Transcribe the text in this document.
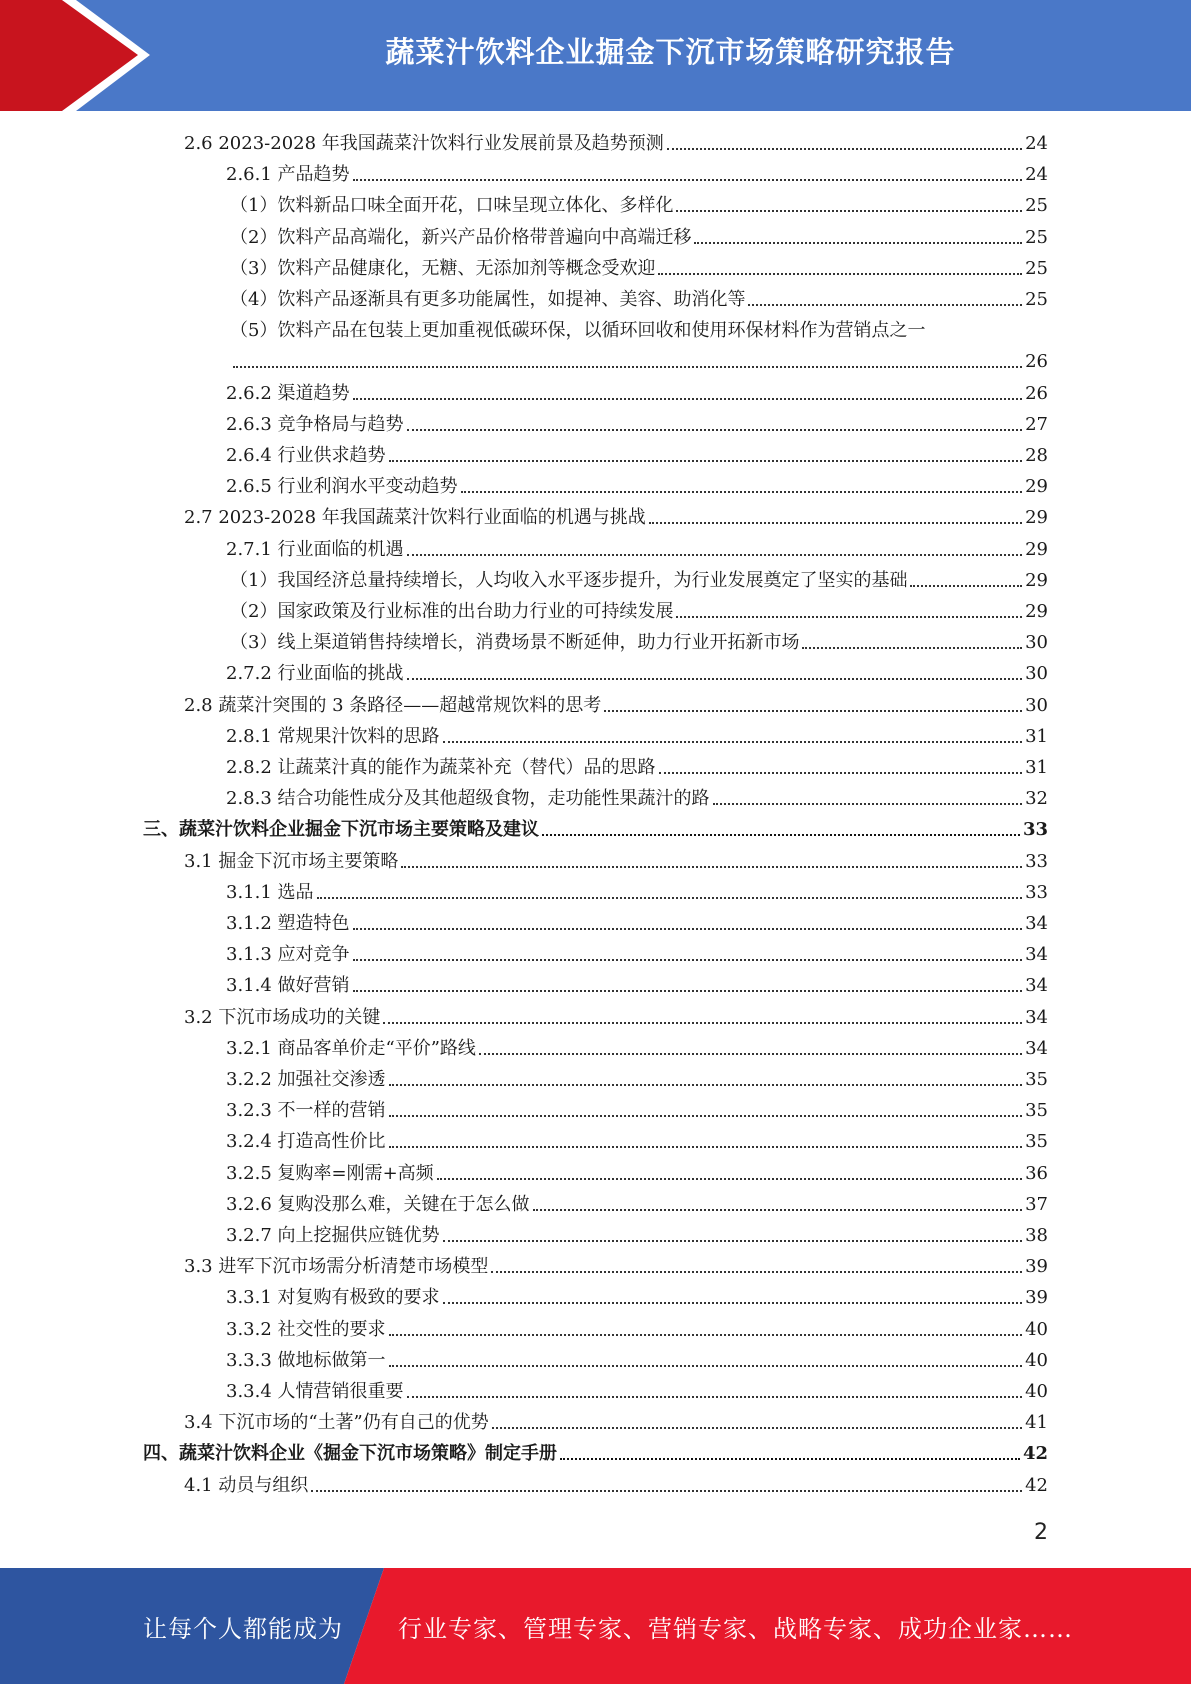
蔬菜汁饮料企业掘金下沉市场策略研究报告
2.6 2023-2028 年我国蔬菜汁饮料行业发展前景及趋势预测	24
2.6.1 产品趋势	24
（1）饮料新品口味全面开花，口味呈现立体化、多样化	25
（2）饮料产品高端化，新兴产品价格带普遍向中高端迁移	25
（3）饮料产品健康化，无糖、无添加剂等概念受欢迎	25
（4）饮料产品逐渐具有更多功能属性，如提神、美容、助消化等	25
（5）饮料产品在包装上更加重视低碳环保，以循环回收和使用环保材料作为营销点之一
26
2.6.2 渠道趋势	26
2.6.3 竞争格局与趋势	27
2.6.4 行业供求趋势	28
2.6.5 行业利润水平变动趋势	29
2.7 2023-2028 年我国蔬菜汁饮料行业面临的机遇与挑战	29
2.7.1 行业面临的机遇	29
（1）我国经济总量持续增长，人均收入水平逐步提升，为行业发展奠定了坚实的基础	29
（2）国家政策及行业标准的出台助力行业的可持续发展	29
（3）线上渠道销售持续增长，消费场景不断延伸，助力行业开拓新市场	30
2.7.2 行业面临的挑战	30
2.8 蔬菜汁突围的 3 条路径——超越常规饮料的思考	30
2.8.1 常规果汁饮料的思路	31
2.8.2 让蔬菜汁真的能作为蔬菜补充（替代）品的思路	31
2.8.3 结合功能性成分及其他超级食物，走功能性果蔬汁的路	32
三、蔬菜汁饮料企业掘金下沉市场主要策略及建议	33
3.1 掘金下沉市场主要策略	33
3.1.1 选品	33
3.1.2 塑造特色	34
3.1.3 应对竞争	34
3.1.4 做好营销	34
3.2 下沉市场成功的关键	34
3.2.1 商品客单价走“平价”路线	34
3.2.2 加强社交渗透	35
3.2.3 不一样的营销	35
3.2.4 打造高性价比	35
3.2.5 复购率=刚需+高频	36
3.2.6 复购没那么难，关键在于怎么做	37
3.2.7 向上挖掘供应链优势	38
3.3 进军下沉市场需分析清楚市场模型	39
3.3.1 对复购有极致的要求	39
3.3.2 社交性的要求	40
3.3.3 做地标做第一	40
3.3.4 人情营销很重要	40
3.4 下沉市场的“土著”仍有自己的优势	41
四、蔬菜汁饮料企业《掘金下沉市场策略》制定手册	42
4.1 动员与组织	42
2
让每个人都能成为 行业专家、管理专家、营销专家、战略专家、成功企业家……
